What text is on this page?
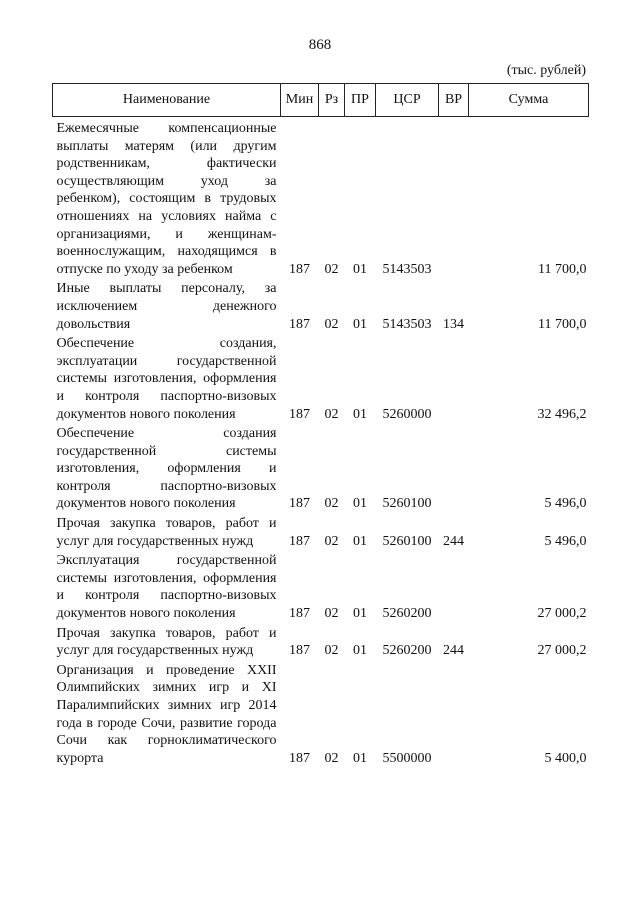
868
(тыс. рублей)
Наименование	Мин	Рз	ПР	ЦСР	ВР	Сумма
Ежемесячные компенсационные выплаты матерям (или другим родственникам, фактически осуществляющим уход за ребенком), состоящим в трудовых отношениях на условиях найма с организациями, и женщинам-военнослужащим, находящимся в отпуске по уходу за ребенком	187	02	01	5143503		11 700,0
Иные выплаты персоналу, за исключением денежного довольствия	187	02	01	5143503	134	11 700,0
Обеспечение создания, эксплуатации государственной системы изготовления, оформления и контроля паспортно-визовых документов нового поколения	187	02	01	5260000		32 496,2
Обеспечение создания государственной системы изготовления, оформления и контроля паспортно-визовых документов нового поколения	187	02	01	5260100		5 496,0
Прочая закупка товаров, работ и услуг для государственных нужд	187	02	01	5260100	244	5 496,0
Эксплуатация государственной системы изготовления, оформления и контроля паспортно-визовых документов нового поколения	187	02	01	5260200		27 000,2
Прочая закупка товаров, работ и услуг для государственных нужд	187	02	01	5260200	244	27 000,2
Организация и проведение XXII Олимпийских зимних игр и XI Паралимпийских зимних игр 2014 года в городе Сочи, развитие города Сочи как горноклиматического курорта	187	02	01	5500000		5 400,0
